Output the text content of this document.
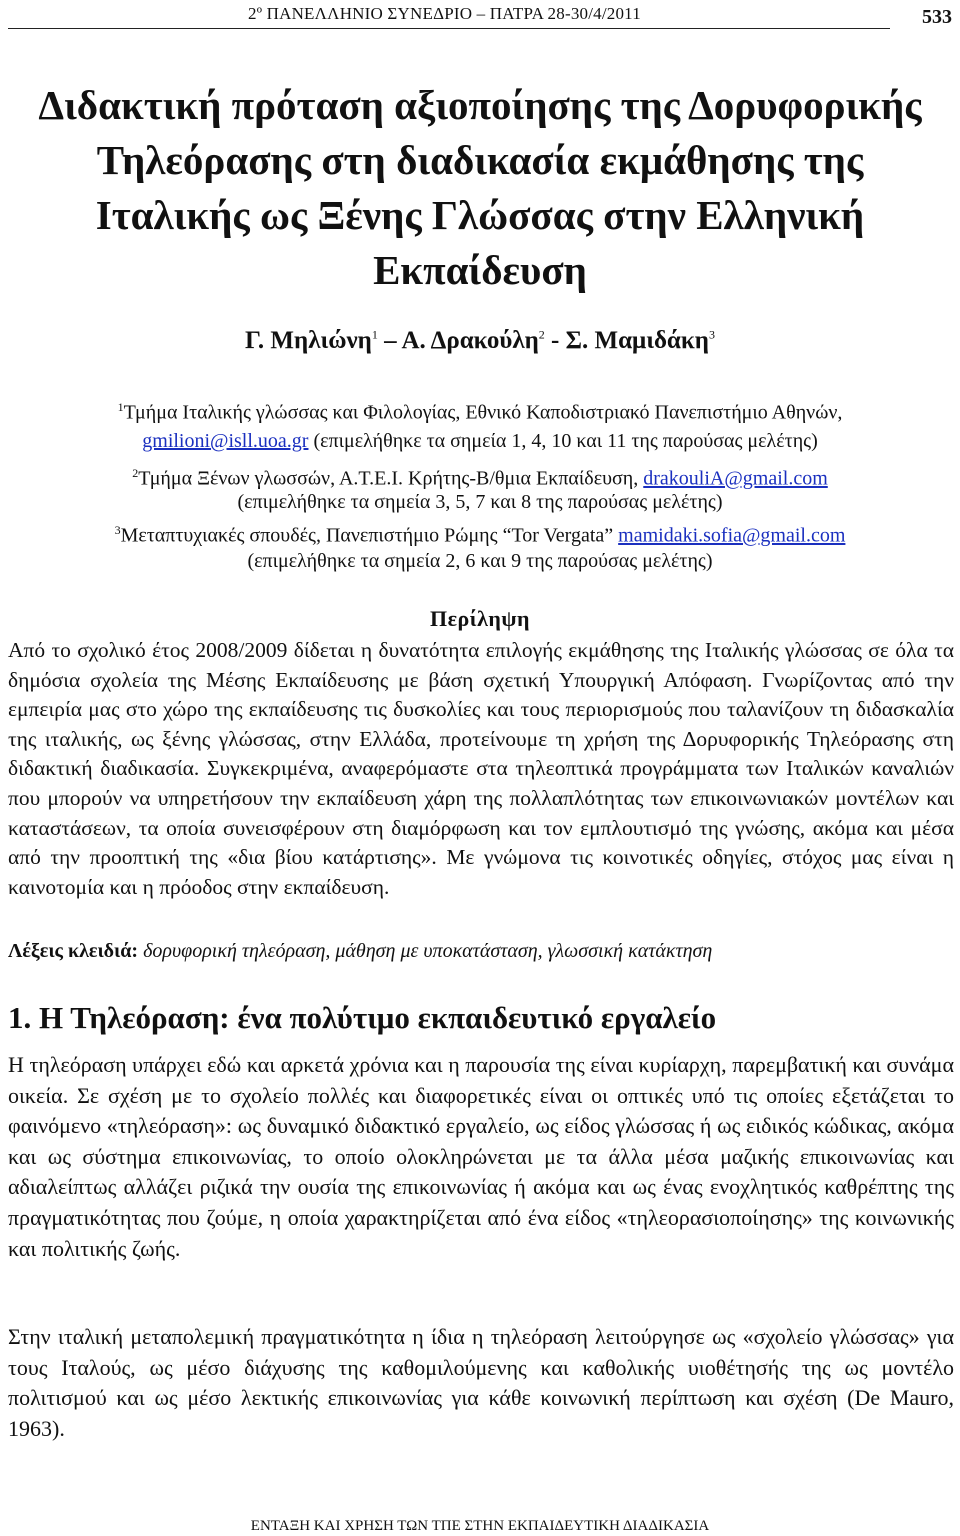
2º ΠΑΝΕΛΛΗΝΙΟ ΣΥΝΕΔΡΙΟ – ΠΑΤΡΑ 28-30/4/2011	533
Διδακτική πρόταση αξιοποίησης της Δορυφορικής
Τηλεόρασης στη διαδικασία εκμάθησης της
Ιταλικής ως Ξένης Γλώσσας στην Ελληνική
Εκπαίδευση
Γ. Μηλιώνη$^1$ – Α. Δρακούλη$^2$ - Σ. Μαμιδάκη$^3$
$^1$Τμήμα Ιταλικής γλώσσας και Φιλολογίας, Εθνικό Καποδιστριακό Πανεπιστήμιο Αθηνών,
gmilioni@isll.uoa.gr (επιμελήθηκε τα σημεία 1, 4, 10 και 11 της παρούσας μελέτης)
$^2$Τμήμα Ξένων γλωσσών, Α.Τ.Ε.Ι. Κρήτης-Β/θμια Εκπαίδευση, drakouliA@gmail.com
(επιμελήθηκε τα σημεία 3, 5, 7 και 8 της παρούσας μελέτης)
$^3$Μεταπτυχιακές σπουδές, Πανεπιστήμιο Ρώμης “Tor Vergata” mamidaki.sofia@gmail.com
(επιμελήθηκε τα σημεία 2, 6 και 9 της παρούσας μελέτης)
Περίληψη
Από το σχολικό έτος 2008/2009 δίδεται η δυνατότητα επιλογής εκμάθησης της Ιταλικής γλώσσας σε όλα τα δημόσια σχολεία της Μέσης Εκπαίδευσης με βάση σχετική Υπουργική Απόφαση. Γνωρίζοντας από την εμπειρία μας στο χώρο της εκπαίδευσης τις δυσκολίες και τους περιορισμούς που ταλανίζουν τη διδασκαλία της ιταλικής, ως ξένης γλώσσας, στην Ελλάδα, προτείνουμε τη χρήση της Δορυφορικής Τηλεόρασης στη διδακτική διαδικασία. Συγκεκριμένα, αναφερόμαστε στα τηλεοπτικά προγράμματα των Ιταλικών καναλιών που μπορούν να υπηρετήσουν την εκπαίδευση χάρη της πολλαπλότητας των επικοινωνιακών μοντέλων και καταστάσεων, τα οποία συνεισφέρουν στη διαμόρφωση και τον εμπλουτισμό της γνώσης, ακόμα και μέσα από την προοπτική της «δια βίου κατάρτισης». Με γνώμονα τις κοινοτικές οδηγίες, στόχος μας είναι η καινοτομία και η πρόοδος στην εκπαίδευση.
Λέξεις κλειδιά: δορυφορική τηλεόραση, μάθηση με υποκατάσταση, γλωσσική κατάκτηση
1. Η Τηλεόραση: ένα πολύτιμο εκπαιδευτικό εργαλείο
Η τηλεόραση υπάρχει εδώ και αρκετά χρόνια και η παρουσία της είναι κυρίαρχη, παρεμβατική και συνάμα οικεία. Σε σχέση με το σχολείο πολλές και διαφορετικές είναι οι οπτικές υπό τις οποίες εξετάζεται το φαινόμενο «τηλεόραση»: ως δυναμικό διδακτικό εργαλείο, ως είδος γλώσσας ή ως ειδικός κώδικας, ακόμα και ως σύστημα επικοινωνίας, το οποίο ολοκληρώνεται με τα άλλα μέσα μαζικής επικοινωνίας και αδιαλείπτως αλλάζει ριζικά την ουσία της επικοινωνίας ή ακόμα και ως ένας ενοχλητικός καθρέπτης της πραγματικότητας που ζούμε, η οποία χαρακτηρίζεται από ένα είδος «τηλεορασιοποίησης» της κοινωνικής και πολιτικής ζωής.
Στην ιταλική μεταπολεμική πραγματικότητα η ίδια η τηλεόραση λειτούργησε ως «σχολείο γλώσσας» για τους Ιταλούς, ως μέσο διάχυσης της καθομιλούμενης και καθολικής υιοθέτησής της ως μοντέλο πολιτισμού και ως μέσο λεκτικής επικοινωνίας για κάθε κοινωνική περίπτωση και σχέση (De Mauro, 1963).
ΕΝΤΑΞΗ ΚΑΙ ΧΡΗΣΗ ΤΩΝ ΤΠΕ ΣΤΗΝ ΕΚΠΑΙΔΕΥΤΙΚΗ ΔΙΑΔΙΚΑΣΙΑ
